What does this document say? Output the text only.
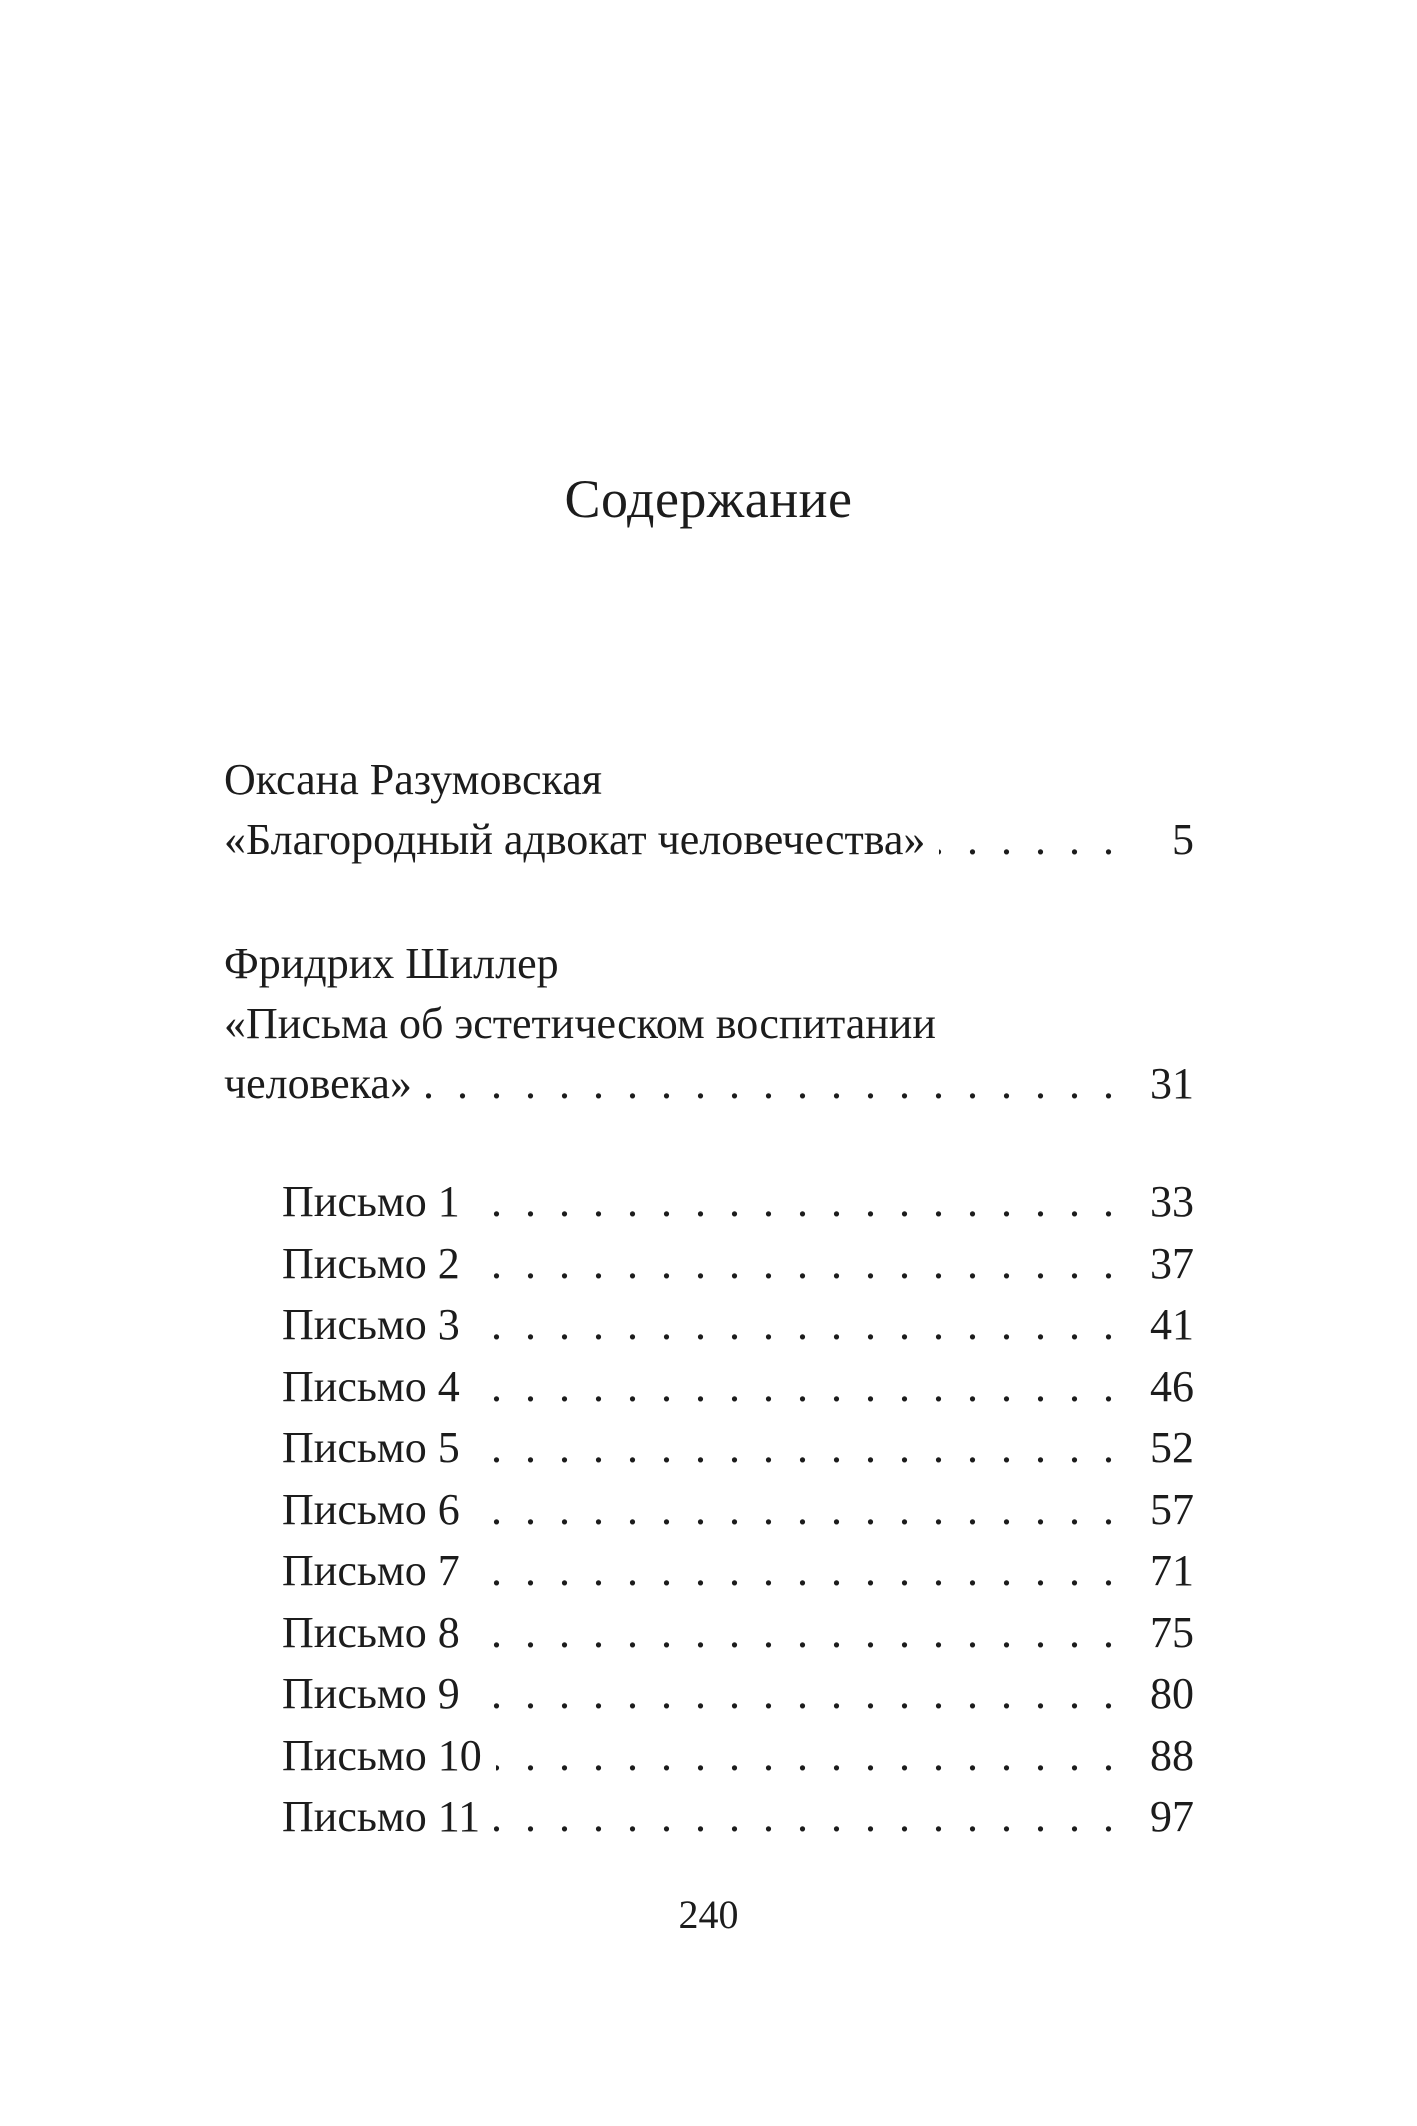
Содержание
Оксана Разумовская
«Благородный адвокат человечества» . . .	5
Фридрих Шиллер
«Письма об эстетическом воспитании
человека» . . .	31
Письмо 1 . . .	33
Письмо 2 . . .	37
Письмо 3 . . .	41
Письмо 4 . . .	46
Письмо 5 . . .	52
Письмо 6 . . .	57
Письмо 7 . . .	71
Письмо 8 . . .	75
Письмо 9 . . .	80
Письмо 10 . . .	88
Письмо 11 . . .	97
240
